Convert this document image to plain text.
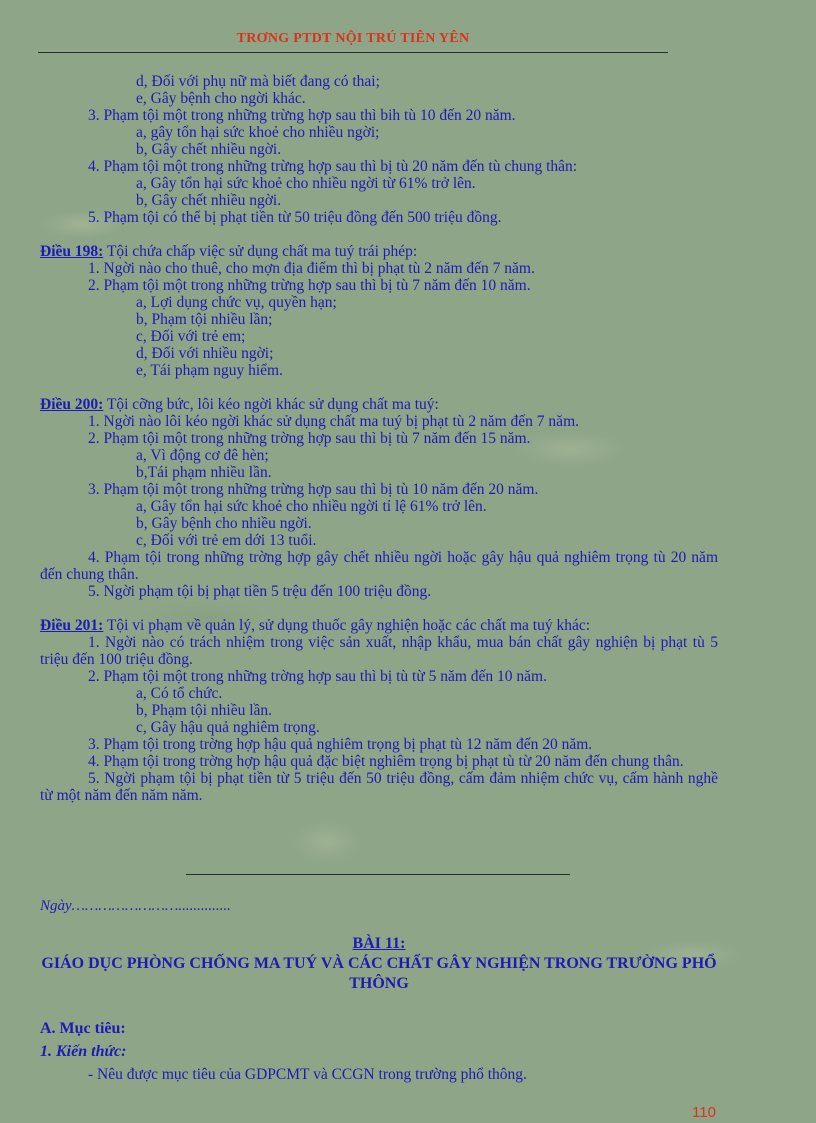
TRƠNG PTDT NỘI TRÚ TIÊN YÊN
d, Đối với phụ nữ mà biết đang có thai;
e, Gây bệnh cho ngời khác.
3. Phạm tội một trong những trừng hợp sau thì bih tù 10 đến 20 năm.
a, gây tổn hại sức khoẻ cho nhiều ngời;
b, Gây chết nhiều ngời.
4. Phạm tội một trong những trừng hợp sau thì bị tù 20 năm đến tù chung thân:
a, Gây tổn hại sức khoẻ cho nhiều ngời từ 61% trở lên.
b, Gây chết nhiều ngời.
5. Phạm tội có thể bị phạt tiền từ 50 triệu đồng đến 500 triệu đồng.
Điều 198: Tội chứa chấp việc sử dụng chất ma tuý trái phép:
1. Ngời nào cho thuê, cho mợn địa điểm thì bị phạt tù 2 năm đến 7 năm.
2. Phạm tội một trong những trừng hợp sau thì bị tù 7 năm đến 10 năm.
a, Lợi dụng chức vụ, quyền hạn;
b, Phạm tội nhiều lần;
c, Đối với trẻ em;
d, Đối với nhiều ngời;
e, Tái phạm nguy hiểm.
Điều 200: Tội cỡng bức, lôi kéo ngời khác sử dụng chất ma tuý:
1. Ngời nào lôi kéo ngời khác sử dụng chất ma tuý bị phạt tù 2 năm đến 7 năm.
2. Phạm tội một trong những trờng hợp sau thì bị tù 7 năm đến 15 năm.
a, Vì động cơ đê hèn;
b,Tái phạm nhiều lần.
3. Phạm tội một trong những trừng hợp sau thì bị tù 10 năm đến 20 năm.
a, Gây tổn hại sức khoẻ cho nhiều ngời tỉ lệ 61% trở lên.
b, Gây bệnh cho nhiều ngời.
c, Đối với trẻ em dới 13 tuổi.
4. Phạm tội trong những trờng hợp gây chết nhiều ngời hoặc gây hậu quả nghiêm trọng tù 20 năm đến chung thân.
5. Ngời phạm tội bị phạt tiền 5 trệu đến 100 triệu đồng.
Điều 201: Tội vi phạm về quản lý, sử dụng thuốc gây nghiện hoặc các chất ma tuý khác:
1. Ngời nào có trách nhiệm trong việc sản xuất, nhập khẩu, mua bán chất gây nghiện bị phạt tù 5 triệu đến 100 triệu đồng.
2. Phạm tội một trong những trờng hợp sau thì bị tù từ 5 năm đến 10 năm.
a, Có tổ chức.
b, Phạm tội nhiều lần.
c, Gây hậu quả nghiêm trọng.
3. Phạm tội trong trờng hợp hậu quả nghiêm trọng bị phạt tù 12 năm đến 20 năm.
4. Phạm tội trong trờng hợp hậu quả đặc biệt nghiêm trọng bị phạt tù từ 20 năm đến chung thân.
5. Ngời phạm tội bị phạt tiền từ 5 triệu đến 50 triệu đồng, cấm đảm nhiệm chức vụ, cấm hành nghề từ một năm đến năm năm.
Ngày……………………..............
BÀI 11:
GIÁO DỤC PHÒNG CHỐNG MA TUÝ VÀ CÁC CHẤT GÂY NGHIỆN TRONG TRƯỜNG PHỔ THÔNG
A. Mục tiêu:
1. Kiến thức:
- Nêu được mục tiêu của GDPCMT và CCGN trong trường phổ thông.
110
